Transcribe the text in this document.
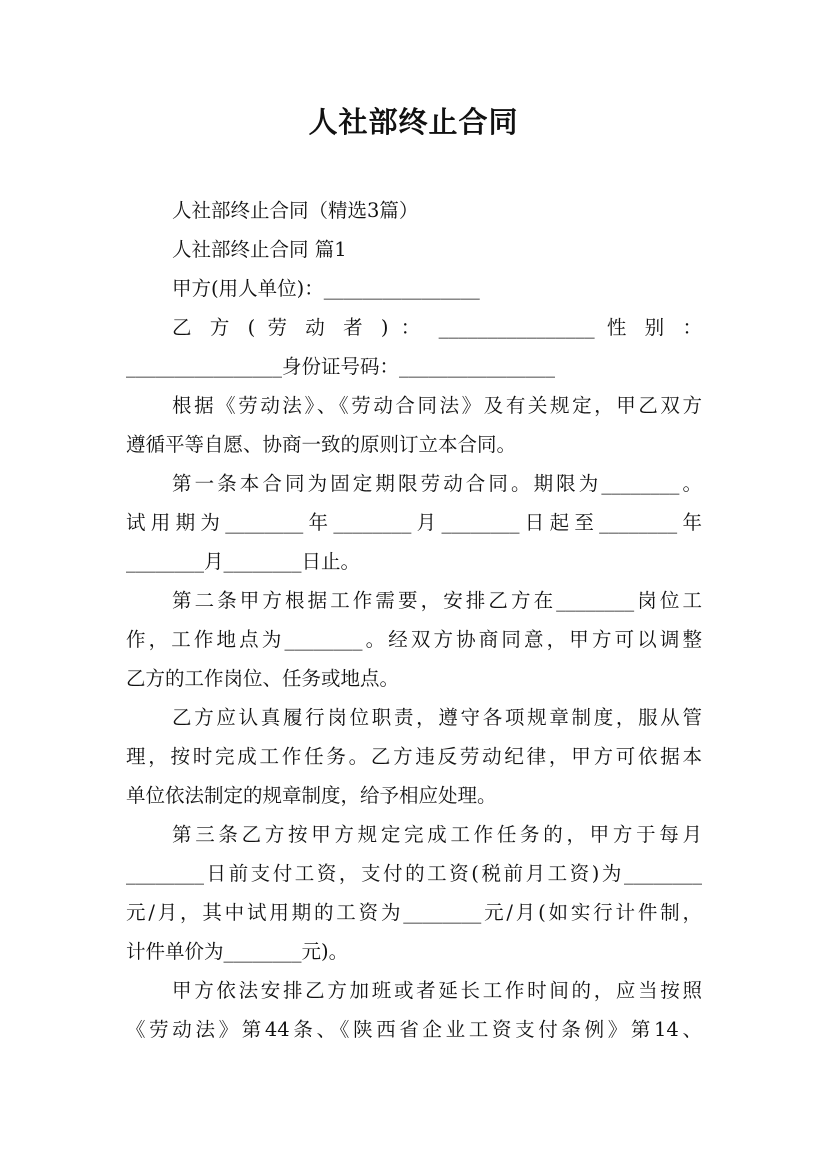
人社部终止合同
人社部终止合同（精选3篇）
人社部终止合同 篇1
甲方(用人单位)：________________
乙 方 ( 劳 动 者 ) ： ________________ 性 别 ：
________________身份证号码：________________
根据《劳动法》、《劳动合同法》及有关规定，甲乙双方
遵循平等自愿、协商一致的原则订立本合同。
第一条本合同为固定期限劳动合同。期限为________。
试用期为________年________月________日起至________年
________月________日止。
第二条甲方根据工作需要，安排乙方在________岗位工
作，工作地点为________。经双方协商同意，甲方可以调整
乙方的工作岗位、任务或地点。
乙方应认真履行岗位职责，遵守各项规章制度，服从管
理，按时完成工作任务。乙方违反劳动纪律，甲方可依据本
单位依法制定的规章制度，给予相应处理。
第三条乙方按甲方规定完成工作任务的，甲方于每月
________日前支付工资，支付的工资(税前月工资)为________
元/月，其中试用期的工资为________元/月(如实行计件制，
计件单价为________元)。
甲方依法安排乙方加班或者延长工作时间的，应当按照
《劳动法》第44条、《陕西省企业工资支付条例》第14、
